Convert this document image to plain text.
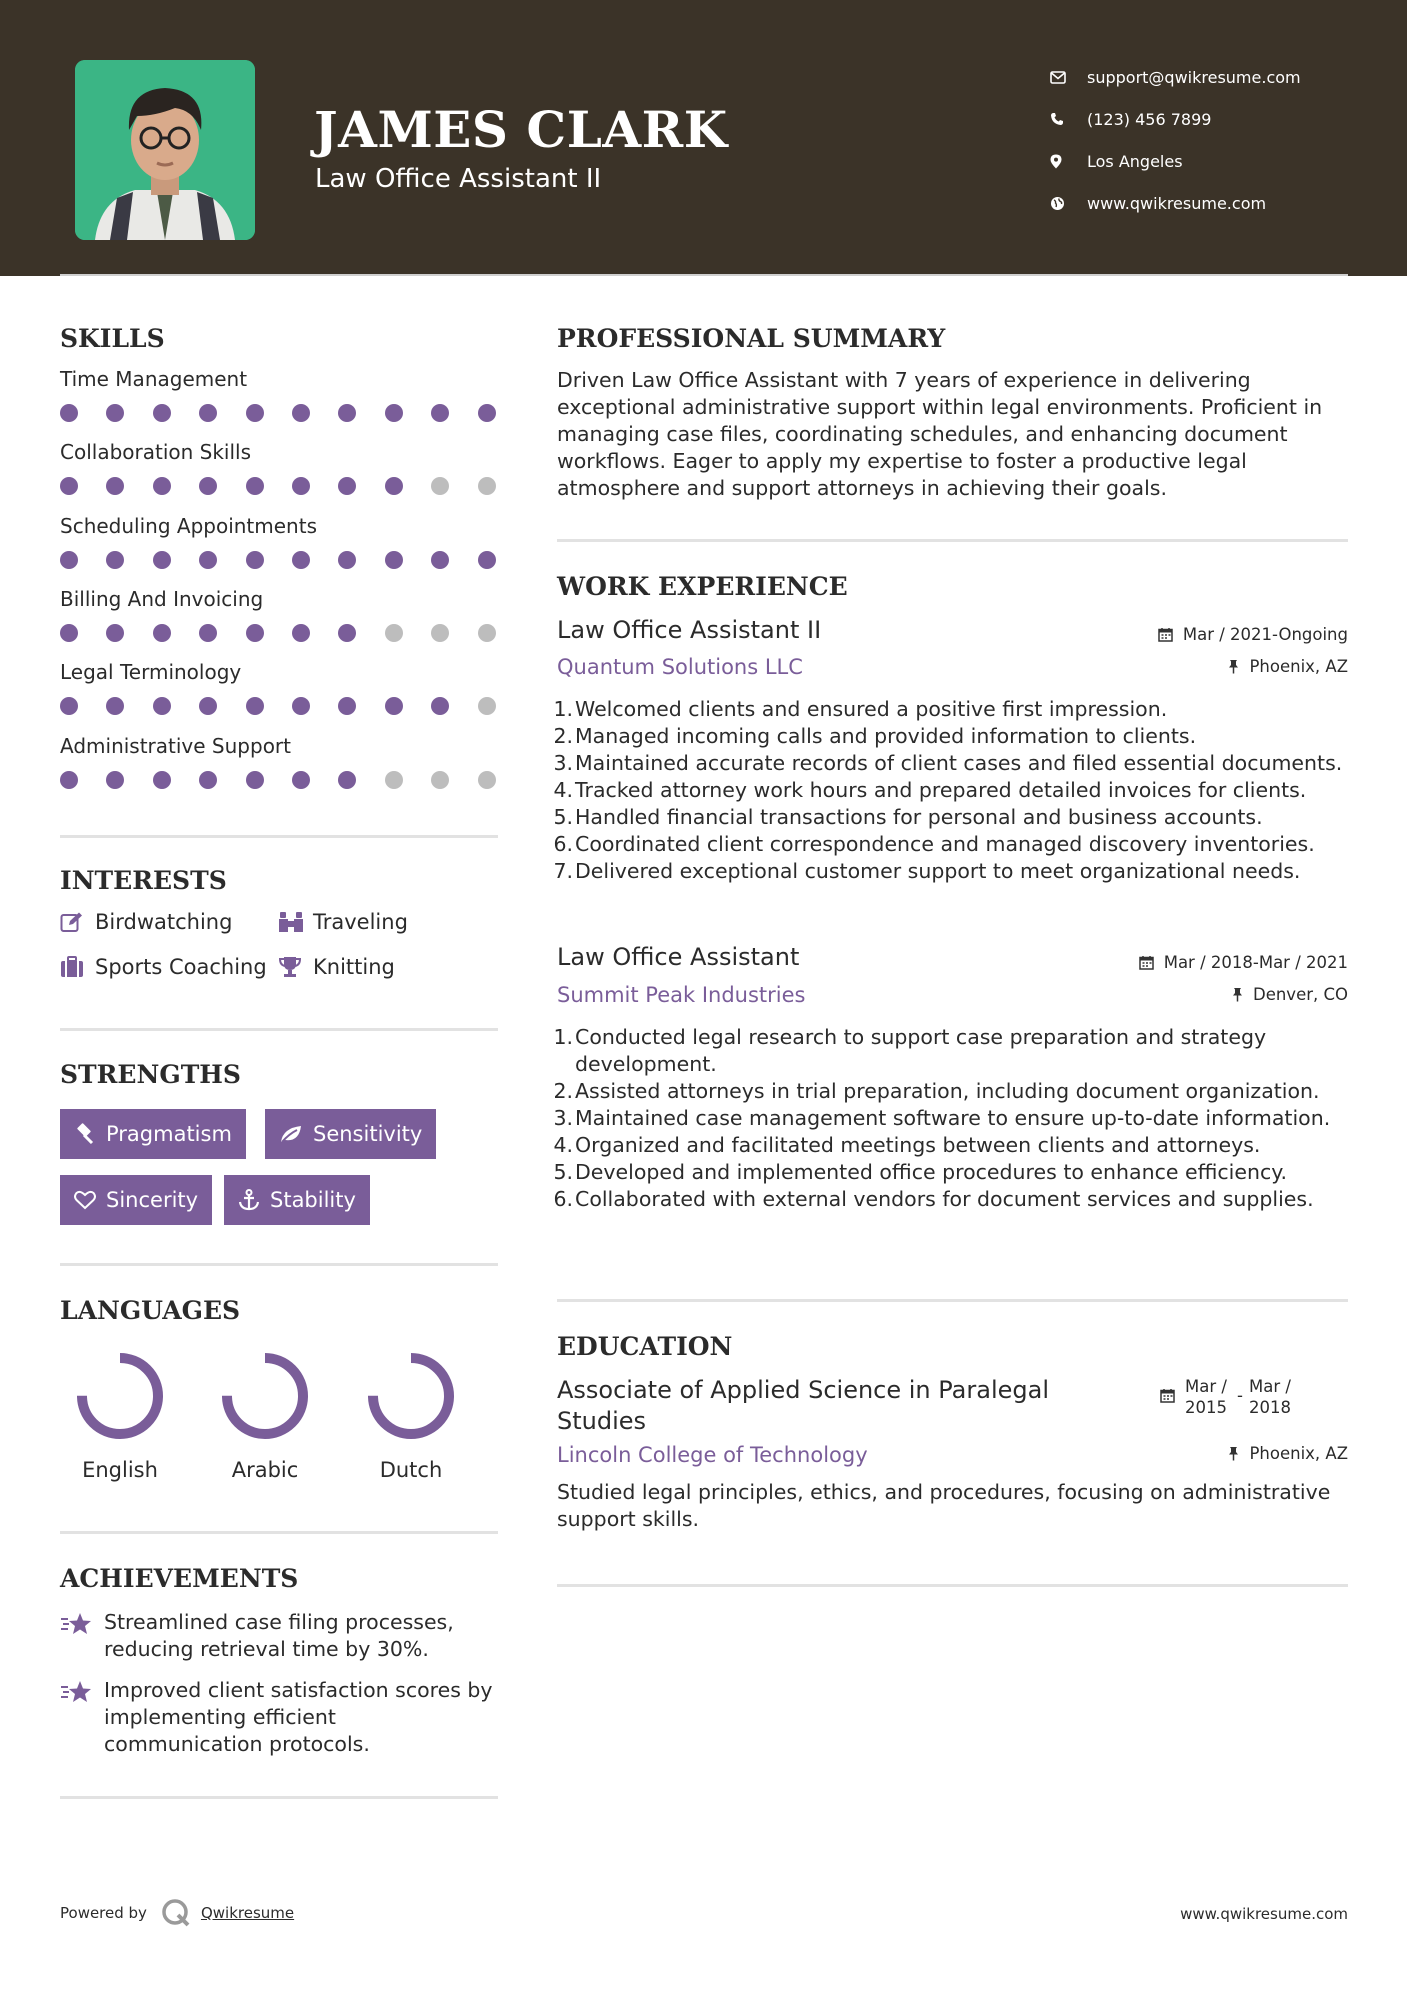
JAMES CLARK
Law Office Assistant II
support@qwikresume.com
(123) 456 7899
Los Angeles
www.qwikresume.com
SKILLS
Time Management
Collaboration Skills
Scheduling Appointments
Billing And Invoicing
Legal Terminology
Administrative Support
INTERESTS
Birdwatching	Traveling
Sports Coaching Knitting
STRENGTHS
Pragmatism	Sensitivity
Sincerity	Stability
LANGUAGES
English	Arabic	Dutch
ACHIEVEMENTS
Streamlined case filing processes, reducing retrieval time by 30%.
Improved client satisfaction scores by implementing efficient communication protocols.
PROFESSIONAL SUMMARY
Driven Law Office Assistant with 7 years of experience in delivering exceptional administrative support within legal environments. Proficient in managing case files, coordinating schedules, and enhancing document workflows. Eager to apply my expertise to foster a productive legal atmosphere and support attorneys in achieving their goals.
WORK EXPERIENCE
Law Office Assistant II	Mar / 2021-Ongoing
Quantum Solutions LLC	Phoenix, AZ
1. Welcomed clients and ensured a positive first impression.
2. Managed incoming calls and provided information to clients.
3. Maintained accurate records of client cases and filed essential documents.
4. Tracked attorney work hours and prepared detailed invoices for clients.
5. Handled financial transactions for personal and business accounts.
6. Coordinated client correspondence and managed discovery inventories.
7. Delivered exceptional customer support to meet organizational needs.
Law Office Assistant	Mar / 2018-Mar / 2021
Summit Peak Industries	Denver, CO
1. Conducted legal research to support case preparation and strategy development.
2. Assisted attorneys in trial preparation, including document organization.
3. Maintained case management software to ensure up-to-date information.
4. Organized and facilitated meetings between clients and attorneys.
5. Developed and implemented office procedures to enhance efficiency.
6. Collaborated with external vendors for document services and supplies.
EDUCATION
Associate of Applied Science in Paralegal Studies
Mar / 2015
- Mar / 2018
Lincoln College of Technology	Phoenix, AZ
Studied legal principles, ethics, and procedures, focusing on administrative support skills.
Powered by	Qwikresume	www.qwikresume.com
